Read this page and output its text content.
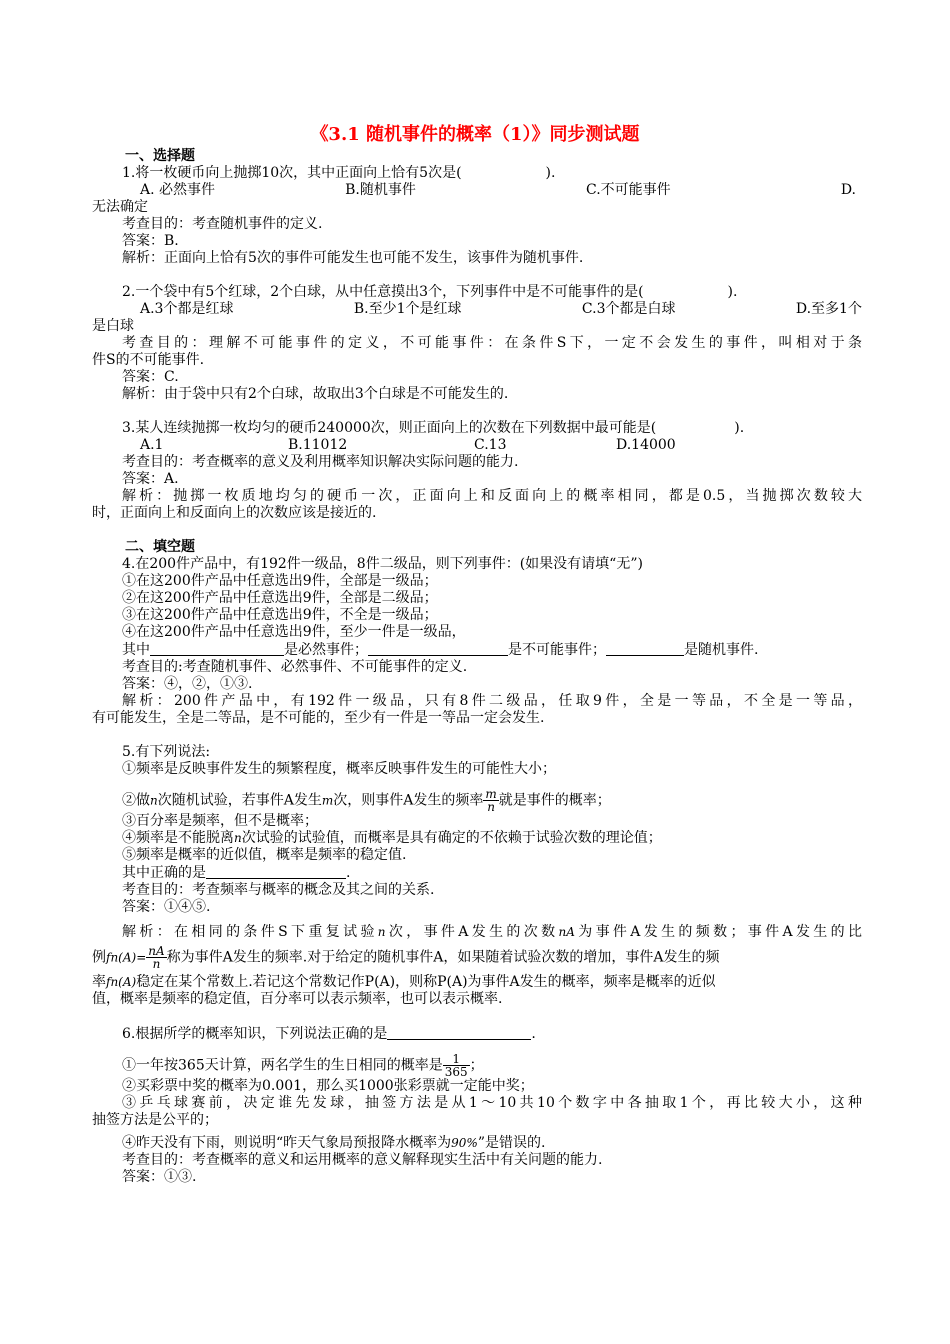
《3.1 随机事件的概率（1）》同步测试题
一、选择题
1.将一枚硬币向上抛掷10次，其中正面向上恰有5次是(	).
A. 必然事件	B.随机事件	C.不可能事件	D.
无法确定
考查目的：考查随机事件的定义.
答案：B.
解析：正面向上恰有5次的事件可能发生也可能不发生，该事件为随机事件.
2.一个袋中有5个红球，2个白球，从中任意摸出3个，下列事件中是不可能事件的是(	).
A.3个都是红球	B.至少1个是红球	C.3个都是白球	D.至多1个
是白球
考查目的：理解不可能事件的定义，不可能事件：在条件S下，一定不会发生的事件，叫相对于条
件S的不可能事件.
答案：C.
解析：由于袋中只有2个白球，故取出3个白球是不可能发生的.
3.某人连续抛掷一枚均匀的硬币240000次，则正面向上的次数在下列数据中最可能是(	).
A.1	B.11012	C.13	D.14000
考查目的：考查概率的意义及利用概率知识解决实际问题的能力.
答案：A.
解析：抛掷一枚质地均匀的硬币一次，正面向上和反面向上的概率相同，都是0.5，当抛掷次数较大
时，正面向上和反面向上的次数应该是接近的.
二、填空题
4.在200件产品中，有192件一级品，8件二级品，则下列事件：(如果没有请填“无”)
①在这200件产品中任意选出9件，全部是一级品；
②在这200件产品中任意选出9件，全部是二级品；
③在这200件产品中任意选出9件，不全是一级品；
④在这200件产品中任意选出9件，至少一件是一级品，
其中	是必然事件；	是不可能事件；	是随机事件.
考查目的:考查随机事件、必然事件、不可能事件的定义.
答案：④，②，①③.
解析：200件产品中，有192件一级品，只有8件二级品，任取9件，全是一等品，不全是一等品，
有可能发生，全是二等品，是不可能的，至少有一件是一等品一定会发生.
5.有下列说法:
①频率是反映事件发生的频繁程度，概率反映事件发生的可能性大小；
②做n次随机试验，若事件A发生m次，则事件A发生的频率 $\frac{m}{n}$ 就是事件的概率；
③百分率是频率，但不是概率；
④频率是不能脱离n次试验的试验值，而概率是具有确定的不依赖于试验次数的理论值；
⑤频率是概率的近似值，概率是频率的稳定值.
其中正确的是	.
考查目的：考查频率与概率的概念及其之间的关系.
答案：①④⑤.
解析：在相同的条件S下重复试验n次，事件A发生的次数nA为事件A发生的频数；事件A发生的比
例$fn(A)= \frac{nA}{n}$ 称为事件A发生的频率.对于给定的随机事件A，如果随着试验次数的增加，事件A发生的频
率fn(A)稳定在某个常数上.若记这个常数记作P(A)，则称P(A)为事件A发生的概率，频率是概率的近似
值，概率是频率的稳定值，百分率可以表示频率，也可以表示概率.
6.根据所学的概率知识，下列说法正确的是	.
①一年按365天计算，两名学生的生日相同的概率是 $\frac{1}{365}$ ；
②买彩票中奖的概率为0.001，那么买1000张彩票就一定能中奖；
③乒乓球赛前，决定谁先发球，抽签方法是从1～10共10个数字中各抽取1个，再比较大小，这种
抽签方法是公平的；
④昨天没有下雨，则说明“昨天气象局预报降水概率为90%”是错误的.
考查目的：考查概率的意义和运用概率的意义解释现实生活中有关问题的能力.
答案：①③.
